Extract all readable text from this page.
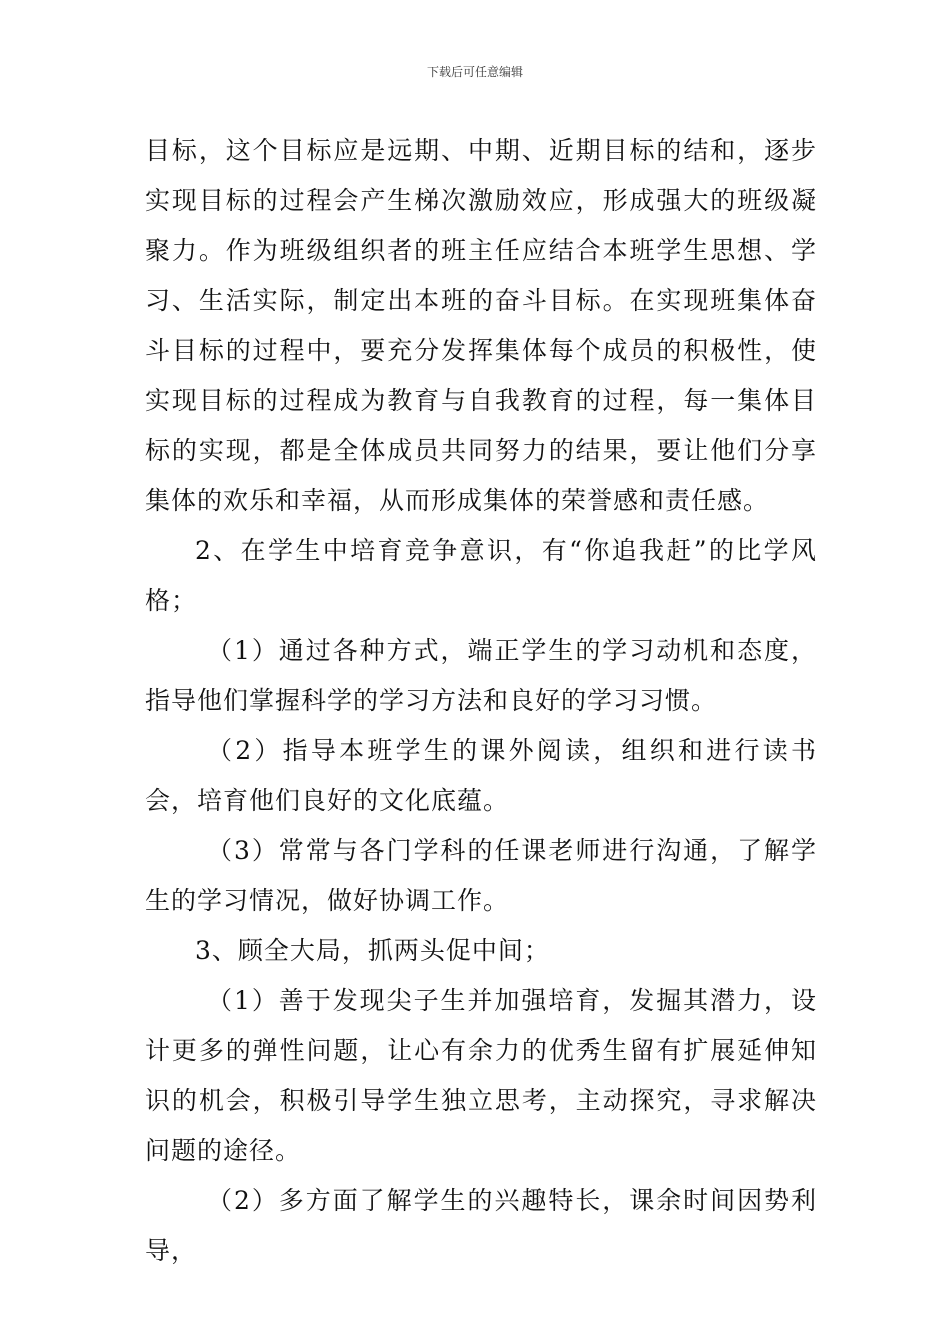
下载后可任意编辑

目标，这个目标应是远期、中期、近期目标的结和，逐步实现目标的过程会产生梯次激励效应，形成强大的班级凝聚力。作为班级组织者的班主任应结合本班学生思想、学习、生活实际，制定出本班的奋斗目标。在实现班集体奋斗目标的过程中，要充分发挥集体每个成员的积极性，使实现目标的过程成为教育与自我教育的过程，每一集体目标的实现，都是全体成员共同努力的结果，要让他们分享集体的欢乐和幸福，从而形成集体的荣誉感和责任感。

2、在学生中培育竞争意识，有“你追我赶”的比学风格；

（1）通过各种方式，端正学生的学习动机和态度，指导他们掌握科学的学习方法和良好的学习习惯。

（2）指导本班学生的课外阅读，组织和进行读书会，培育他们良好的文化底蕴。

（3）常常与各门学科的任课老师进行沟通，了解学生的学习情况，做好协调工作。

3、顾全大局，抓两头促中间；

（1）善于发现尖子生并加强培育，发掘其潜力，设计更多的弹性问题，让心有余力的优秀生留有扩展延伸知识的机会，积极引导学生独立思考，主动探究，寻求解决问题的途径。

（2）多方面了解学生的兴趣特长，课余时间因势利导，
